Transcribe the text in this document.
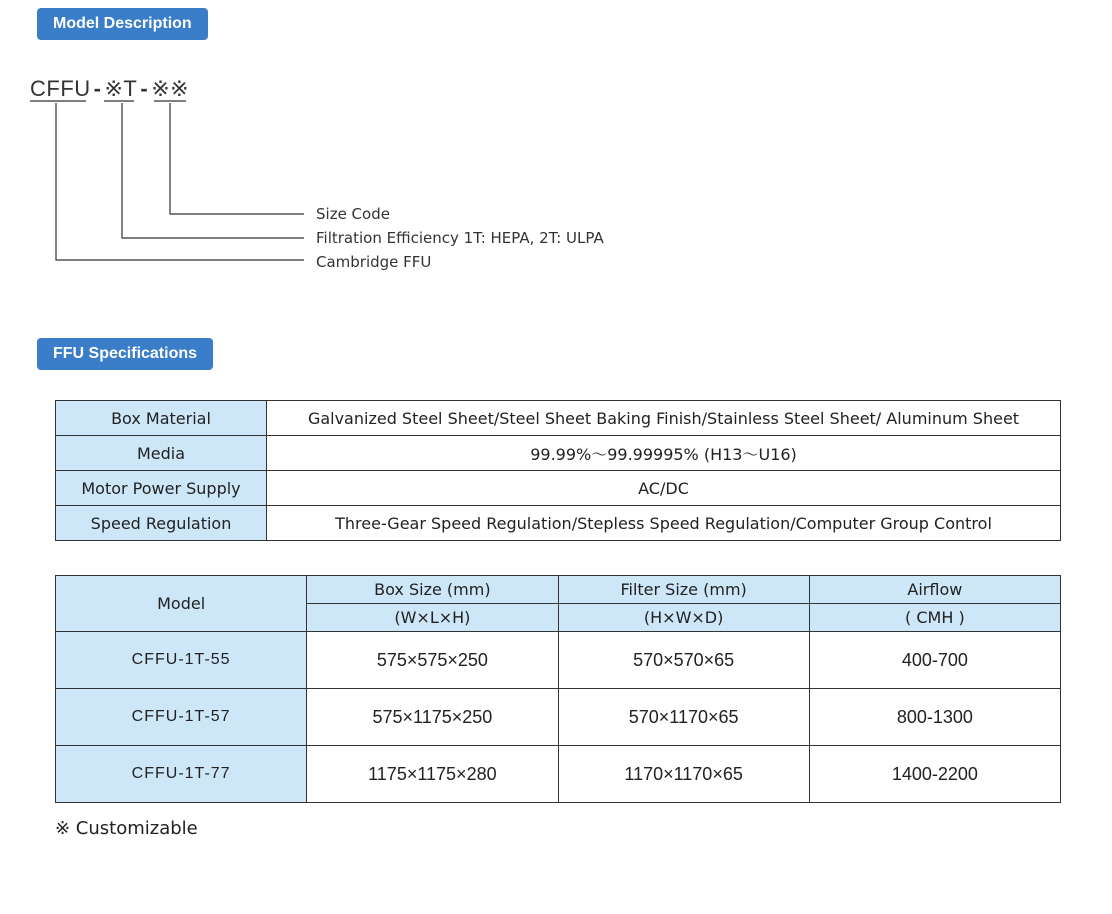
Model Description
CFFU - ※T - ※※
Size Code
Filtration Efficiency 1T: HEPA, 2T: ULPA
Cambridge FFU
FFU Specifications
Box Material	Galvanized Steel Sheet/Steel Sheet Baking Finish/Stainless Steel Sheet/ Aluminum Sheet
Media	99.99%～99.99995% (H13～U16)
Motor Power Supply	AC/DC
Speed Regulation	Three-Gear Speed Regulation/Stepless Speed Regulation/Computer Group Control
Model	Box Size (mm)	Filter Size (mm)	Airflow
	(W×L×H)	(H×W×D)	( CMH )
CFFU-1T-55	575×575×250	570×570×65	400-700
CFFU-1T-57	575×1175×250	570×1170×65	800-1300
CFFU-1T-77	1175×1175×280	1170×1170×65	1400-2200
※ Customizable
